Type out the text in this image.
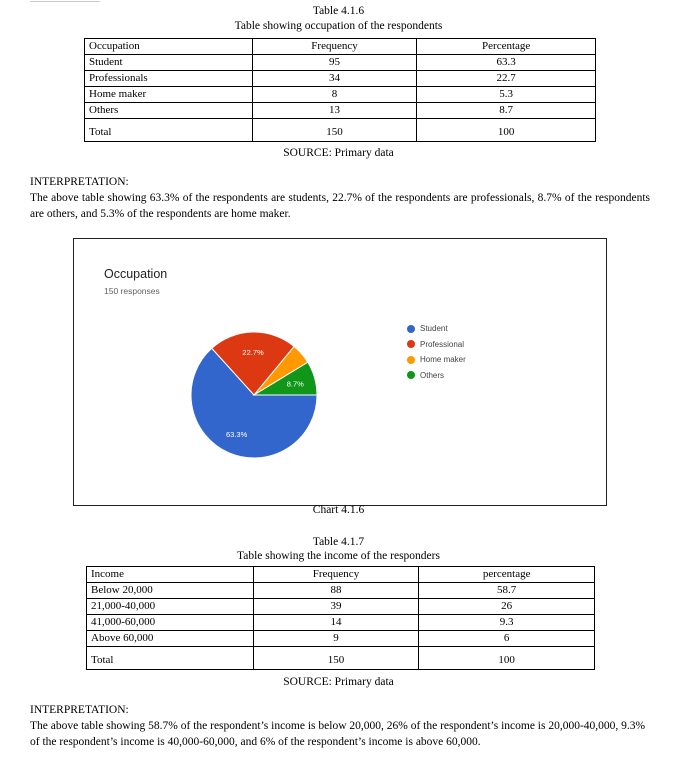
Table 4.1.6
Table showing occupation of the respondents
Occupation	Frequency	Percentage
Student	95	63.3
Professionals	34	22.7
Home maker	8	5.3
Others	13	8.7
Total	150	100
SOURCE: Primary data
INTERPRETATION:
The above table showing 63.3% of the respondents are students, 22.7% of the respondents are professionals, 8.7% of the respondents are others, and 5.3% of the respondents are home maker.
Occupation
150 responses
63.3%
22.7%
8.7%
Student
Professional
Home maker
Others
Chart 4.1.6
Table 4.1.7
Table showing the income of the responders
Income	Frequency	percentage
Below 20,000	88	58.7
21,000-40,000	39	26
41,000-60,000	14	9.3
Above 60,000	9	6
Total	150	100
SOURCE: Primary data
INTERPRETATION:
The above table showing 58.7% of the respondent’s income is below 20,000, 26% of the respondent’s income is 20,000-40,000, 9.3% of the respondent’s income is 40,000-60,000, and 6% of the respondent’s income is above 60,000.
